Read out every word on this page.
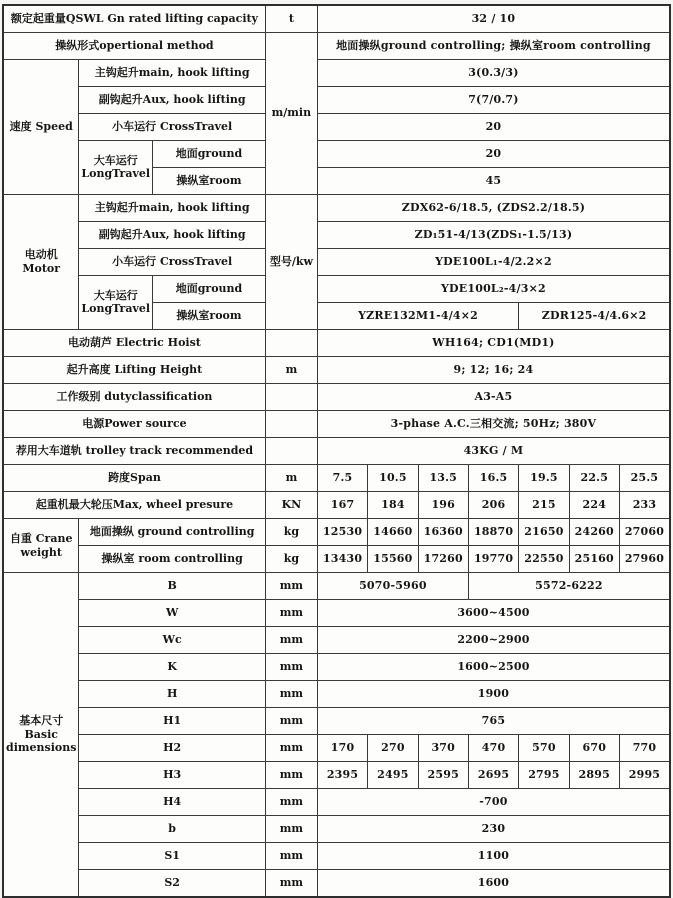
额定起重量QSWL Gn rated lifting capacity			t	32 / 10						
操纵形式opertional method			m/min	地面操纵ground controlling; 操纵室room controlling						
速度 Speed	主钩起升main, hook lifting			3(0.3/3)						
	副钩起升Aux, hook lifting			7(7/0.7)						
	小车运行 CrossTravel			20						
	大车运行 LongTravel	地面ground		20						
		操纵室room		45						
电动机 Motor	主钩起升main, hook lifting		型号/kw	ZDX62-6/18.5, (ZDS2.2/18.5)						
	副钩起升Aux, hook lifting			ZD₁51-4/13(ZDS₁-1.5/13)						
	小车运行 CrossTravel			YDE100L₁-4/2.2×2						
	大车运行 LongTravel	地面ground		YDE100L₂-4/3×2						
		操纵室room		YZRE132M1-4/4×2				ZDR125-4/4.6×2		
电动葫芦 Electric Hoist				WH164; CD1(MD1)						
起升高度 Lifting Height			m	9; 12; 16; 24						
工作级别 dutyclassification				A3-A5						
电源Power source				3-phase A.C.三相交流; 50Hz; 380V						
荐用大车道轨 trolley track recommended				43KG / M						
跨度Span			m	7.5	10.5	13.5	16.5	19.5	22.5	25.5
起重机最大轮压Max, wheel presure			KN	167	184	196	206	215	224	233
自重 Crane weight	地面操纵 ground controlling		kg	12530	14660	16360	18870	21650	24260	27060
	操纵室 room controlling		kg	13430	15560	17260	19770	22550	25160	27960
基本尺寸 Basic dimensions	B		mm	5070-5960			5572-6222			
	W		mm	3600~4500						
	Wc		mm	2200~2900						
	K		mm	1600~2500						
	H		mm	1900						
	H1		mm	765						
	H2		mm	170	270	370	470	570	670	770
	H3		mm	2395	2495	2595	2695	2795	2895	2995
	H4		mm	-700						
	b		mm	230						
	S1		mm	1100						
	S2		mm	1600						
